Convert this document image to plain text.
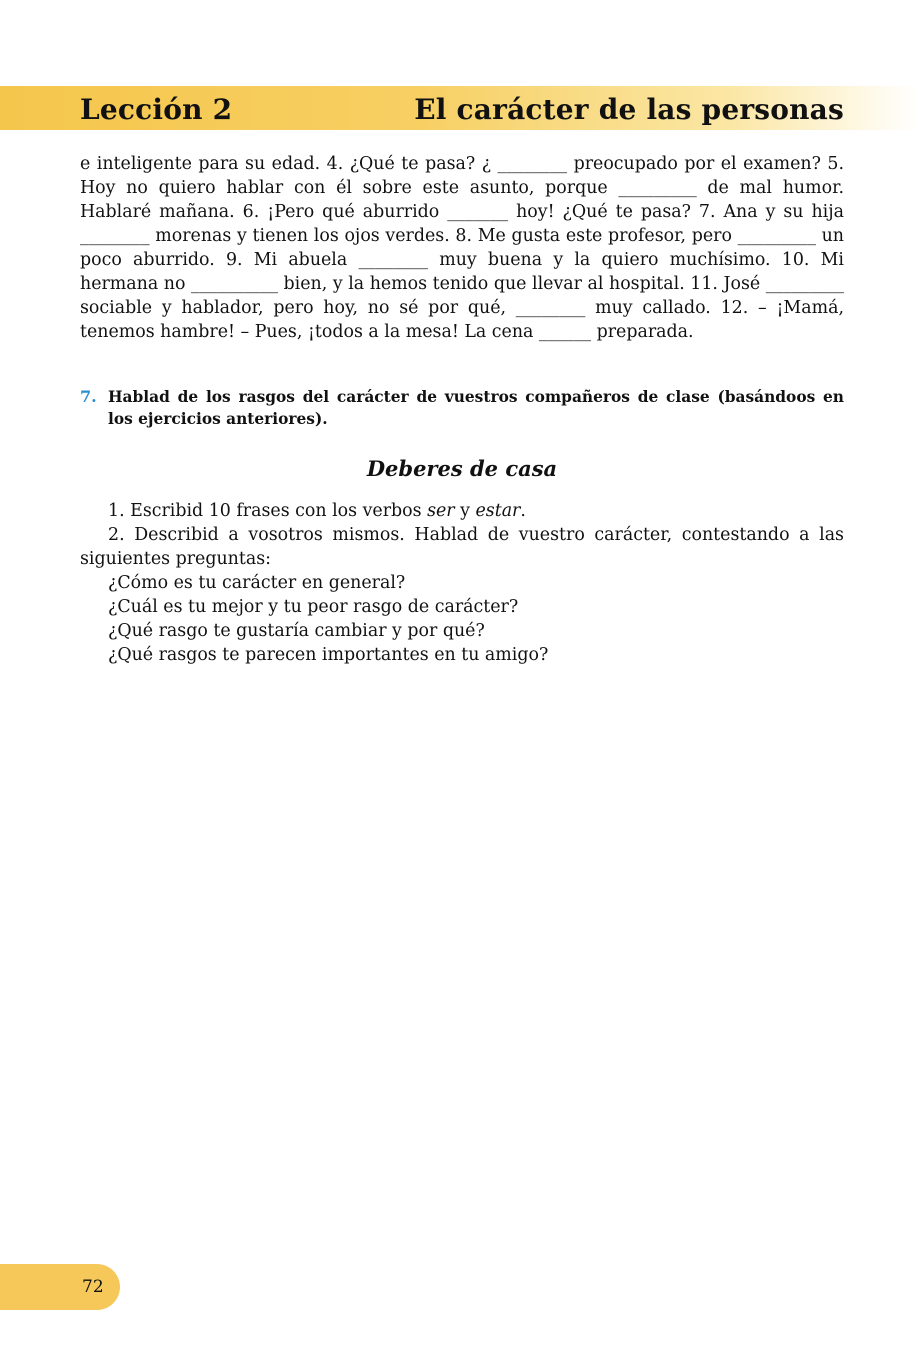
Lección 2	El carácter de las personas
e inteligente para su edad. 4. ¿Qué te pasa? ¿ ________ preocupado por el examen? 5. Hoy no quiero hablar con él sobre este asunto, porque _________ de mal humor. Hablaré mañana. 6. ¡Pero qué aburrido _______ hoy! ¿Qué te pasa? 7. Ana y su hija ________ morenas y tienen los ojos verdes. 8. Me gusta este profesor, pero _________ un poco aburrido. 9. Mi abuela ________ muy buena y la quiero muchísimo. 10. Mi hermana no __________ bien, y la hemos tenido que llevar al hospital. 11. José _________ sociable y hablador, pero hoy, no sé por qué, ________ muy callado. 12. – ¡Mamá, tenemos hambre! – Pues, ¡todos a la mesa! La cena ______ preparada.
7. Hablad de los rasgos del carácter de vuestros compañeros de clase (basándoos en los ejercicios anteriores).
Deberes de casa

1. Escribid 10 frases con los verbos ser y estar.

2. Describid a vosotros mismos. Hablad de vuestro carácter, contestando a las siguientes preguntas:

¿Cómo es tu carácter en general?

¿Cuál es tu mejor y tu peor rasgo de carácter?

¿Qué rasgo te gustaría cambiar y por qué?

¿Qué rasgos te parecen importantes en tu amigo?

72
